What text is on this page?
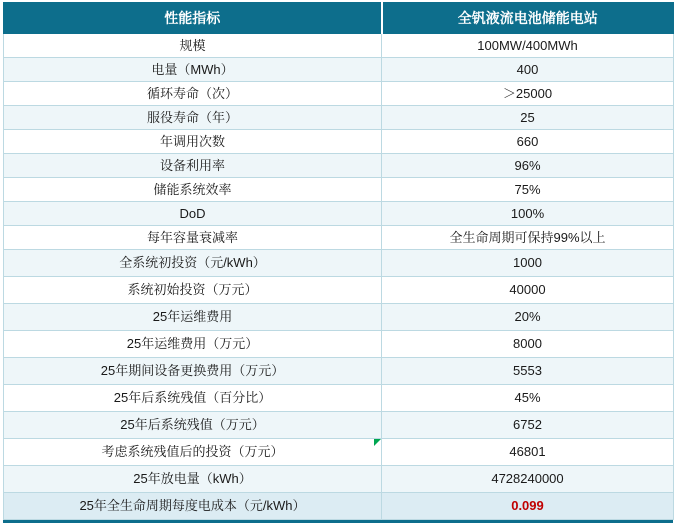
性能指标	全钒液流电池储能电站
规模	100MW/400MWh
电量（MWh）	400
循环寿命（次）	＞25000
服役寿命（年）	25
年调用次数	660
设备利用率	96%
储能系统效率	75%
DoD	100%
每年容量衰减率	全生命周期可保持99%以上
全系统初投资（元/kWh）	1000
系统初始投资（万元）	40000
25年运维费用	20%
25年运维费用（万元）	8000
25年期间设备更换费用（万元）	5553
25年后系统残值（百分比）	45%
25年后系统残值（万元）	6752
考虑系统残值后的投资（万元）	46801
25年放电量（kWh）	4728240000
25年全生命周期每度电成本（元/kWh）	0.099
